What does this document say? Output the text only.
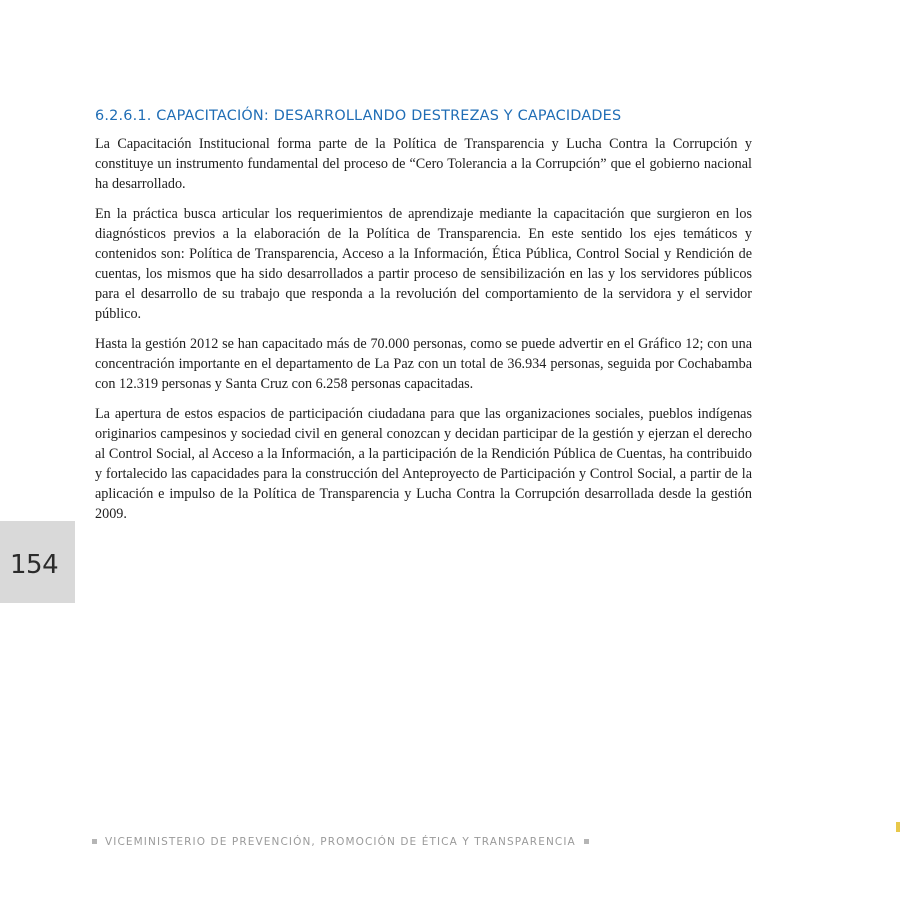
6.2.6.1. CAPACITACIÓN: DESARROLLANDO DESTREZAS Y CAPACIDADES

La Capacitación Institucional forma parte de la Política de Transparencia y Lucha Contra la Corrupción y constituye un instrumento fundamental del proceso de “Cero Tolerancia a la Corrupción” que el gobierno nacional ha desarrollado.

En la práctica busca articular los requerimientos de aprendizaje mediante la capacitación que surgieron en los diagnósticos previos a la elaboración de la Política de Transparencia. En este sentido los ejes temáticos y contenidos son: Política de Transparencia, Acceso a la Información, Ética Pública, Control Social y Rendición de cuentas, los mismos que ha sido desarrollados a partir proceso de sensibilización en las y los servidores públicos para el desarrollo de su trabajo que responda a la revolución del comportamiento de la servidora y el servidor público.

Hasta la gestión 2012 se han capacitado más de 70.000 personas, como se puede advertir en el Gráfico 12; con una concentración importante en el departamento de La Paz con un total de 36.934 personas, seguida por Cochabamba con 12.319 personas y Santa Cruz con 6.258 personas capacitadas.

La apertura de estos espacios de participación ciudadana para que las organizaciones sociales, pueblos indígenas originarios campesinos y sociedad civil en general conozcan y decidan participar de la gestión y ejerzan el derecho al Control Social, al Acceso a la Información, a la participación de la Rendición Pública de Cuentas, ha contribuido y fortalecido las capacidades para la construcción del Anteproyecto de Participación y Control Social, a partir de la aplicación e impulso de la Política de Transparencia y Lucha Contra la Corrupción desarrollada desde la gestión 2009.

154
VICEMINISTERIO DE PREVENCIÓN, PROMOCIÓN DE ÉTICA Y TRANSPARENCIA
